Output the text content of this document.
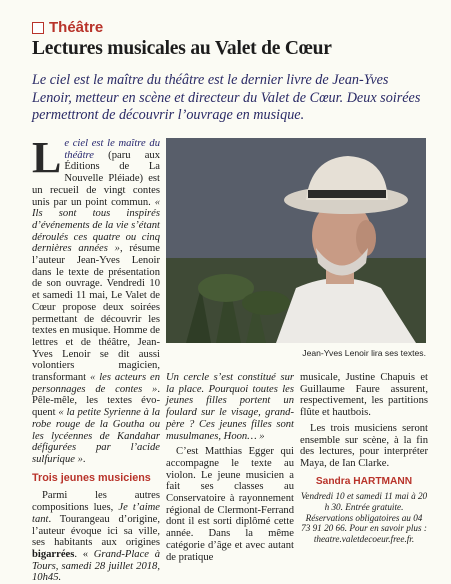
Théâtre
Lectures musicales au Valet de Cœur
Le ciel est le maître du théâtre est le dernier livre de Jean-Yves Lenoir, metteur en scène et directeur du Valet de Cœur. Deux soirées permettront de découvrir l’ouvrage en musique.

Le ciel est le maître du théâtre (paru aux Éditions de La Nouvelle Pléiade) est un recueil de vingt contes unis par un point commun. « Ils sont tous inspirés d’événements de la vie s’étant déroulés ces quatre ou cinq dernières années », résume l’auteur Jean-Yves Lenoir dans le texte de présentation de son ouvrage. Vendredi 10 et samedi 11 mai, Le Valet de Cœur propose deux soirées permettant de découvrir les textes en musique. Homme de lettres et de théâtre, Jean-Yves Lenoir se dit aussi volontiers magicien, transformant « les acteurs en personnages de contes ». Pêle-mêle, les textes évo-quent « la petite Syrienne à la robe rouge de la Goutha ou les lycéennes de Kandahar défigurées par l’acide sulfurique ».

Trois jeunes musiciens

Parmi les autres compositions lues, Je t’aime tant. Tourangeau d’origine, l’auteur évoque ici sa ville, ses habitants aux origines bigarrées. « Grand-Place à Tours, samedi 28 juillet 2018, 10h45.

Jean-Yves Lenoir lira ses textes.

Un cercle s’est constitué sur la place. Pourquoi toutes les jeunes filles portent un foulard sur le visage, grand-père ? Ces jeunes filles sont musulmanes, Hoon… »

C’est Matthias Egger qui accompagne le texte au violon. Le jeune musicien a fait ses classes au Conservatoire à rayonnement régional de Clermont-Ferrand dont il est sorti diplômé cette année. Dans la même catégorie d’âge et avec autant de pratique

musicale, Justine Chapuis et Guillaume Faure assurent, respectivement, les partitions flûte et hautbois.

Les trois musiciens seront ensemble sur scène, à la fin des lectures, pour interpréter Maya, de Ian Clarke.

Sandra HARTMANN
Vendredi 10 et samedi 11 mai à 20 h 30. Entrée gratuite. Réservations obligatoires au 04 73 91 20 66. Pour en savoir plus : theatre.valetdecoeur.free.fr.
